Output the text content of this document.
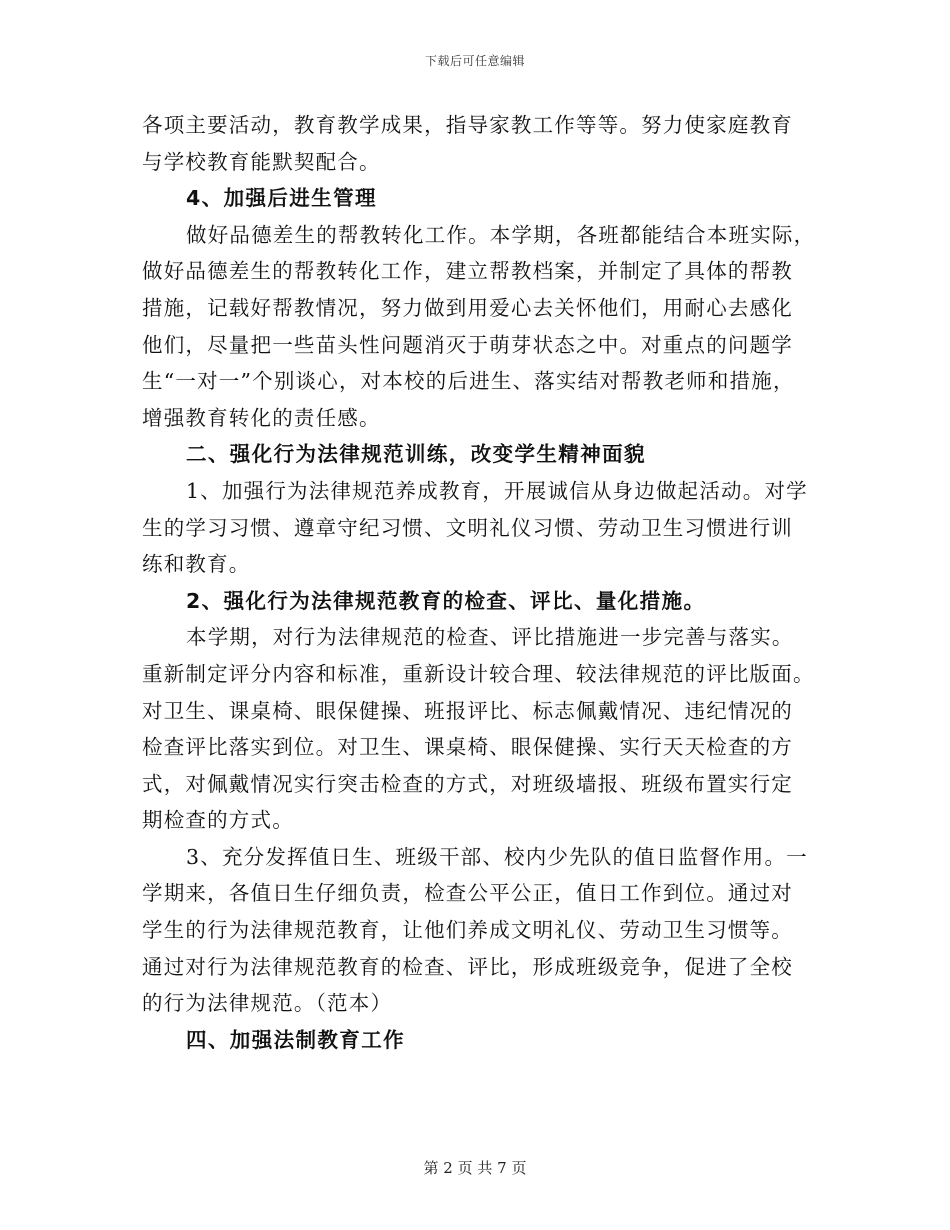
下载后可任意编辑
各项主要活动，教育教学成果，指导家教工作等等。努力使家庭教育
与学校教育能默契配合。
4、加强后进生管理
做好品德差生的帮教转化工作。本学期，各班都能结合本班实际，
做好品德差生的帮教转化工作，建立帮教档案，并制定了具体的帮教
措施，记载好帮教情况，努力做到用爱心去关怀他们，用耐心去感化
他们，尽量把一些苗头性问题消灭于萌芽状态之中。对重点的问题学
生“一对一”个别谈心，对本校的后进生、落实结对帮教老师和措施，
增强教育转化的责任感。
二、强化行为法律规范训练，改变学生精神面貌
1、加强行为法律规范养成教育，开展诚信从身边做起活动。对学
生的学习习惯、遵章守纪习惯、文明礼仪习惯、劳动卫生习惯进行训
练和教育。
2、强化行为法律规范教育的检查、评比、量化措施。
本学期，对行为法律规范的检查、评比措施进一步完善与落实。
重新制定评分内容和标准，重新设计较合理、较法律规范的评比版面。
对卫生、课桌椅、眼保健操、班报评比、标志佩戴情况、违纪情况的
检查评比落实到位。对卫生、课桌椅、眼保健操、实行天天检查的方
式，对佩戴情况实行突击检查的方式，对班级墙报、班级布置实行定
期检查的方式。
3、充分发挥值日生、班级干部、校内少先队的值日监督作用。一
学期来，各值日生仔细负责，检查公平公正，值日工作到位。通过对
学生的行为法律规范教育，让他们养成文明礼仪、劳动卫生习惯等。
通过对行为法律规范教育的检查、评比，形成班级竞争，促进了全校
的行为法律规范。（范本）
四、加强法制教育工作
第 2 页 共 7 页
